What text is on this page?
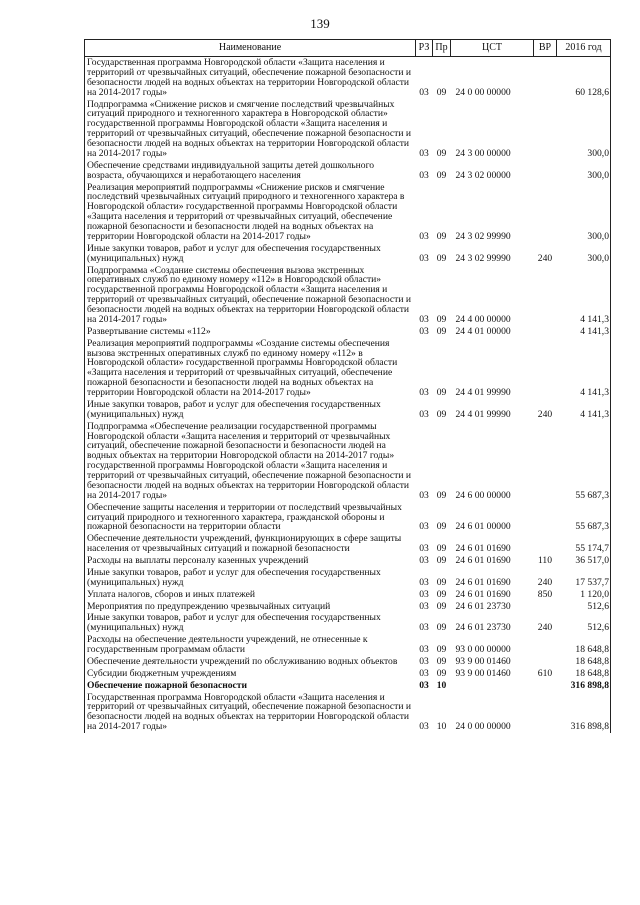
139
Наименование	РЗ	Пр	ЦСТ	ВР	2016 год
Государственная программа Новгородской области «Защита населения и территорий от чрезвычайных ситуаций, обеспечение пожарной безопасности и безопасности людей на водных объектах на территории Новгородской области на 2014-2017 годы»	03	09	24 0 00 00000		60 128,6
Подпрограмма «Снижение рисков и смягчение последствий чрезвычайных ситуаций природного и техногенного характера в Новгородской области» государственной программы Новгородской области «Защита населения и территорий от чрезвычайных ситуаций, обеспечение пожарной безопасности и безопасности людей на водных объектах на территории Новгородской области на 2014-2017 годы»	03	09	24 3 00 00000		300,0
Обеспечение средствами индивидуальной защиты детей дошкольного возраста, обучающихся и неработающего населения	03	09	24 3 02 00000		300,0
Реализация мероприятий подпрограммы «Снижение рисков и смягчение последствий чрезвычайных ситуаций природного и техногенного характера в Новгородской области» государственной программы Новгородской области «Защита населения и территорий от чрезвычайных ситуаций, обеспечение пожарной безопасности и безопасности людей на водных объектах на территории Новгородской области на 2014-2017 годы»	03	09	24 3 02 99990		300,0
Иные закупки товаров, работ и услуг для обеспечения государственных (муниципальных) нужд	03	09	24 3 02 99990	240	300,0
Подпрограмма «Создание системы обеспечения вызова экстренных оперативных служб по единому номеру «112» в Новгородской области» государственной программы Новгородской области «Защита населения и территорий от чрезвычайных ситуаций, обеспечение пожарной безопасности и безопасности людей на водных объектах на территории Новгородской области на 2014-2017 годы»	03	09	24 4 00 00000		4 141,3
Развертывание системы «112»	03	09	24 4 01 00000		4 141,3
Реализация мероприятий подпрограммы «Создание системы обеспечения вызова экстренных оперативных служб по единому номеру «112» в Новгородской области» государственной программы Новгородской области «Защита населения и территорий от чрезвычайных ситуаций, обеспечение пожарной безопасности и безопасности людей на водных объектах на территории Новгородской области на 2014-2017 годы»	03	09	24 4 01 99990		4 141,3
Иные закупки товаров, работ и услуг для обеспечения государственных (муниципальных) нужд	03	09	24 4 01 99990	240	4 141,3
Подпрограмма «Обеспечение реализации государственной программы Новгородской области «Защита населения и территорий от чрезвычайных ситуаций, обеспечение пожарной безопасности и безопасности людей на водных объектах на территории Новгородской области на 2014-2017 годы» государственной программы Новгородской области «Защита населения и территорий от чрезвычайных ситуаций, обеспечение пожарной безопасности и безопасности людей на водных объектах на территории Новгородской области на 2014-2017 годы»	03	09	24 6 00 00000		55 687,3
Обеспечение защиты населения и территории от последствий чрезвычайных ситуаций природного и техногенного характера, гражданской обороны и пожарной безопасности на территории области	03	09	24 6 01 00000		55 687,3
Обеспечение деятельности учреждений, функционирующих в сфере защиты населения от чрезвычайных ситуаций и пожарной безопасности	03	09	24 6 01 01690		55 174,7
Расходы на выплаты персоналу казенных учреждений	03	09	24 6 01 01690	110	36 517,0
Иные закупки товаров, работ и услуг для обеспечения государственных (муниципальных) нужд	03	09	24 6 01 01690	240	17 537,7
Уплата налогов, сборов и иных платежей	03	09	24 6 01 01690	850	1 120,0
Мероприятия по предупреждению чрезвычайных ситуаций	03	09	24 6 01 23730		512,6
Иные закупки товаров, работ и услуг для обеспечения государственных (муниципальных) нужд	03	09	24 6 01 23730	240	512,6
Расходы на обеспечение деятельности учреждений, не отнесенные к государственным программам области	03	09	93 0 00 00000		18 648,8
Обеспечение деятельности учреждений по обслуживанию водных объектов	03	09	93 9 00 01460		18 648,8
Субсидии бюджетным учреждениям	03	09	93 9 00 01460	610	18 648,8
Обеспечение пожарной безопасности	03	10			316 898,8
Государственная программа Новгородской области «Защита населения и территорий от чрезвычайных ситуаций, обеспечение пожарной безопасности и безопасности людей на водных объектах на территории Новгородской области на 2014-2017 годы»	03	10	24 0 00 00000		316 898,8
